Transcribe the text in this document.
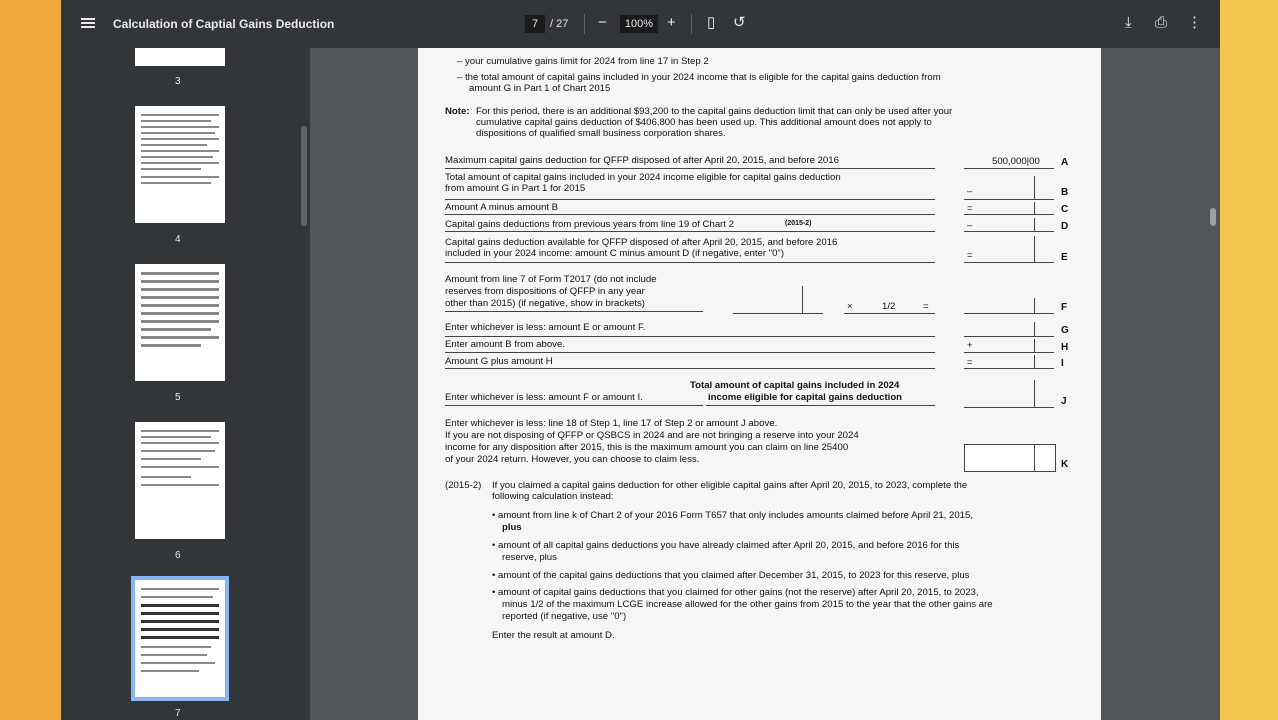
Calculation of Captial Gains Deduction	7	/ 27 −	100% + ▯ ↺	⤓ ⎙ ⋮
3
4
5
6
7
– your cumulative gains limit for 2024 from line 17 in Step 2
– the total amount of capital gains included in your 2024 income that is eligible for the capital gains deduction from
amount G in Part 1 of Chart 2015
Note: For this period, there is an additional $93,200 to the capital gains deduction limit that can only be used after your
cumulative capital gains deduction of $406,800 has been used up. This additional amount does not apply to
dispositions of qualified small business corporation shares.
Maximum capital gains deduction for QFFP disposed of after April 20, 2015, and before 2016	500,000|00 A
Total amount of capital gains included in your 2024 income eligible for capital gains deduction
from amount G in Part 1 for 2015	–	B
Amount A minus amount B	=	C
Capital gains deductions from previous years from line 19 of Chart 2	(2015-2)	–	D
Capital gains deduction available for QFFP disposed of after April 20, 2015, and before 2016
included in your 2024 income: amount C minus amount D (if negative, enter "0")	=	E
Amount from line 7 of Form T2017 (do not include
reserves from dispositions of QFFP in any year
other than 2015) (if negative, show in brackets)	×	1/2	=	F
Enter whichever is less: amount E or amount F.	G
Enter amount B from above.	+	H
Amount G plus amount H	=	I
Total amount of capital gains included in 2024
income eligible for capital gains deduction
Enter whichever is less: amount F or amount I.	J
Enter whichever is less: line 18 of Step 1, line 17 of Step 2 or amount J above.
If you are not disposing of QFFP or QSBCS in 2024 and are not bringing a reserve into your 2024
income for any disposition after 2015, this is the maximum amount you can claim on line 25400
of your 2024 return. However, you can choose to claim less.	K
(2015-2) If you claimed a capital gains deduction for other eligible capital gains after April 20, 2015, to 2023, complete the
following calculation instead:
• amount from line k of Chart 2 of your 2016 Form T657 that only includes amounts claimed before April 21, 2015,
plus
• amount of all capital gains deductions you have already claimed after April 20, 2015, and before 2016 for this
reserve, plus
• amount of the capital gains deductions that you claimed after December 31, 2015, to 2023 for this reserve, plus
• amount of capital gains deductions that you claimed for other gains (not the reserve) after April 20, 2015, to 2023,
minus 1/2 of the maximum LCGE increase allowed for the other gains from 2015 to the year that the other gains are
reported (if negative, use "0")
Enter the result at amount D.
